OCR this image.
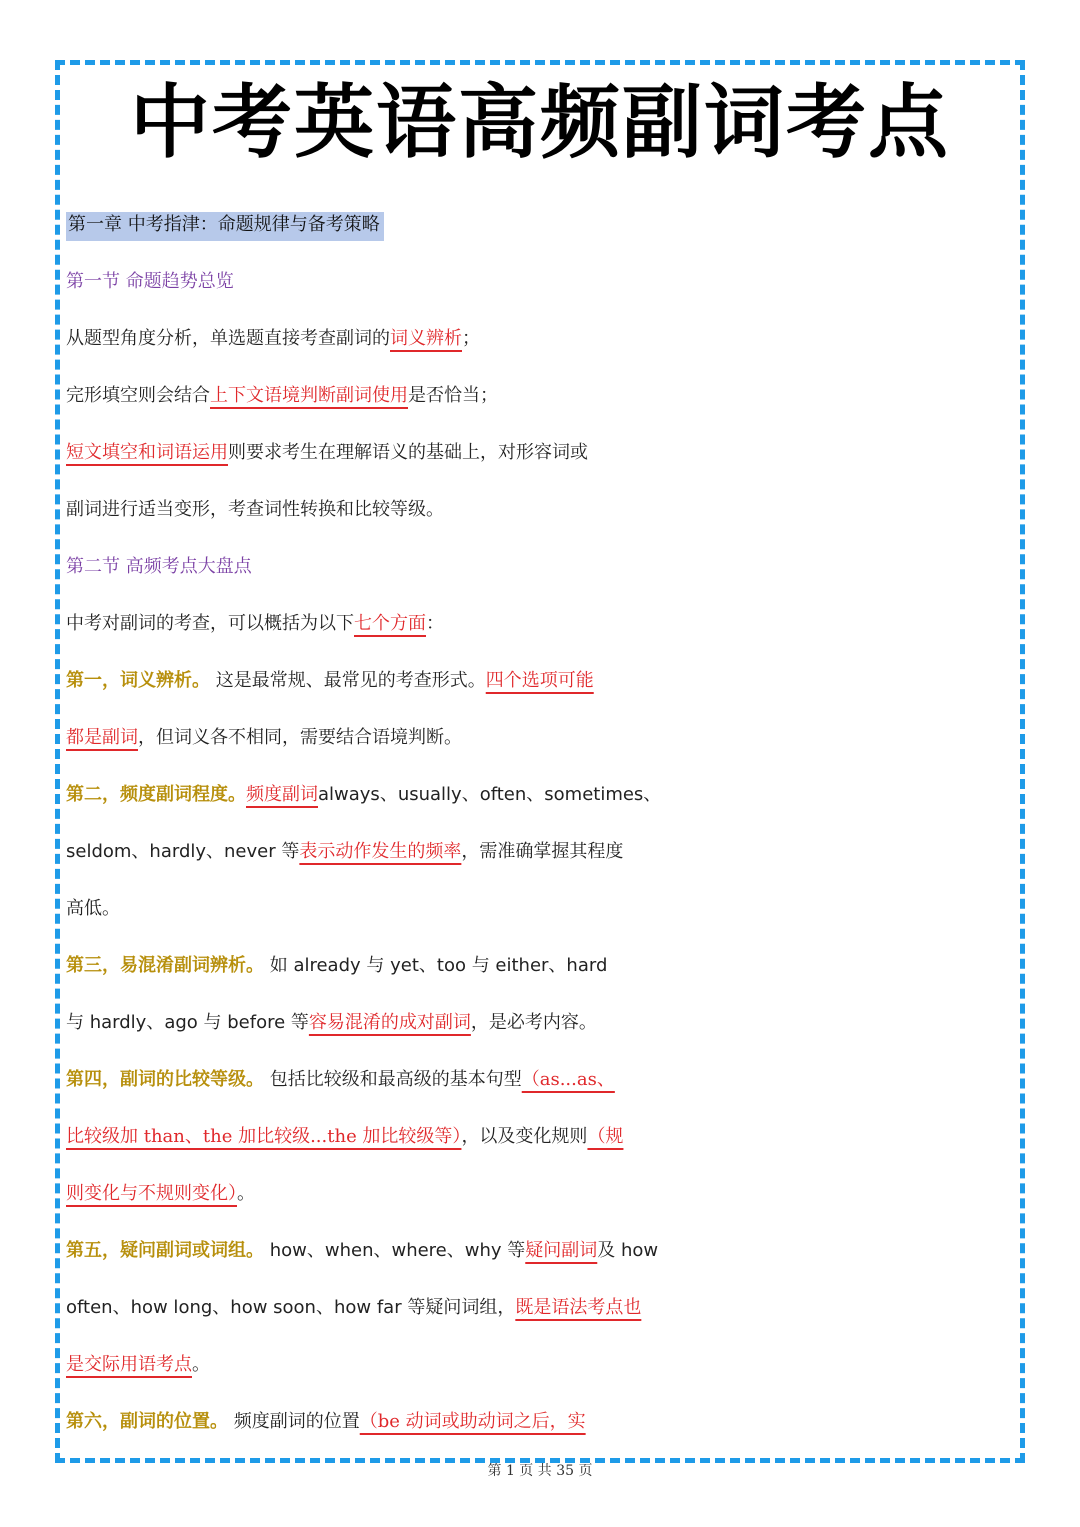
中考英语高频副词考点
第一章 中考指津：命题规律与备考策略
第一节 命题趋势总览
从题型角度分析，单选题直接考查副词的词义辨析；
完形填空则会结合上下文语境判断副词使用是否恰当；
短文填空和词语运用则要求考生在理解语义的基础上，对形容词或
副词进行适当变形，考查词性转换和比较等级。
第二节 高频考点大盘点
中考对副词的考查，可以概括为以下七个方面：
第一，词义辨析。 这是最常规、最常见的考查形式。四个选项可能
都是副词，但词义各不相同，需要结合语境判断。
第二，频度副词程度。频度副词always、usually、often、sometimes、
seldom、hardly、never 等表示动作发生的频率，需准确掌握其程度
高低。
第三，易混淆副词辨析。 如 already 与 yet、too 与 either、hard
与 hardly、ago 与 before 等容易混淆的成对副词，是必考内容。
第四，副词的比较等级。 包括比较级和最高级的基本句型（as...as、
比较级加 than、the 加比较级...the 加比较级等），以及变化规则（规
则变化与不规则变化）。
第五，疑问副词或词组。 how、when、where、why 等疑问副词及 how
often、how long、how soon、how far 等疑问词组，既是语法考点也
是交际用语考点。
第六，副词的位置。 频度副词的位置（be 动词或助动词之后，实
第 1 页 共 35 页
